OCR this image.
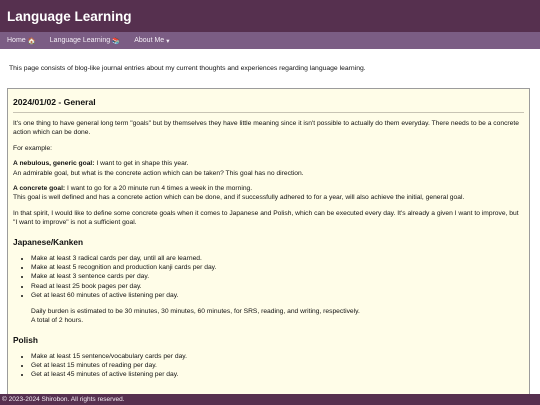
Language Learning
Home 🏠 Language Learning 📚 About Me ▾
This page consists of blog-like journal entries about my current thoughts and experiences regarding language learning.
2024/01/02 - General
It's one thing to have general long term "goals" but by themselves they have little meaning since it isn't possible to actually do them everyday. There needs to be a concrete action which can be done.
For example:
A nebulous, generic goal: I want to get in shape this year.
An admirable goal, but what is the concrete action which can be taken? This goal has no direction.
A concrete goal: I want to go for a 20 minute run 4 times a week in the morning.
This goal is well defined and has a concrete action which can be done, and if successfully adhered to for a year, will also achieve the initial, general goal.
In that spirit, I would like to define some concrete goals when it comes to Japanese and Polish, which can be executed every day. It's already a given I want to improve, but "I want to improve" is not a sufficient goal.
Japanese/Kanken
• Make at least 3 radical cards per day, until all are learned.
• Make at least 5 recognition and production kanji cards per day.
• Make at least 3 sentence cards per day.
• Read at least 25 book pages per day.
• Get at least 60 minutes of active listening per day.
Daily burden is estimated to be 30 minutes, 30 minutes, 60 minutes, for SRS, reading, and writing, respectively.
A total of 2 hours.
Polish
• Make at least 15 sentence/vocabulary cards per day.
• Get at least 15 minutes of reading per day.
• Get at least 45 minutes of active listening per day.
© 2023-2024 Shirobon. All rights reserved.
